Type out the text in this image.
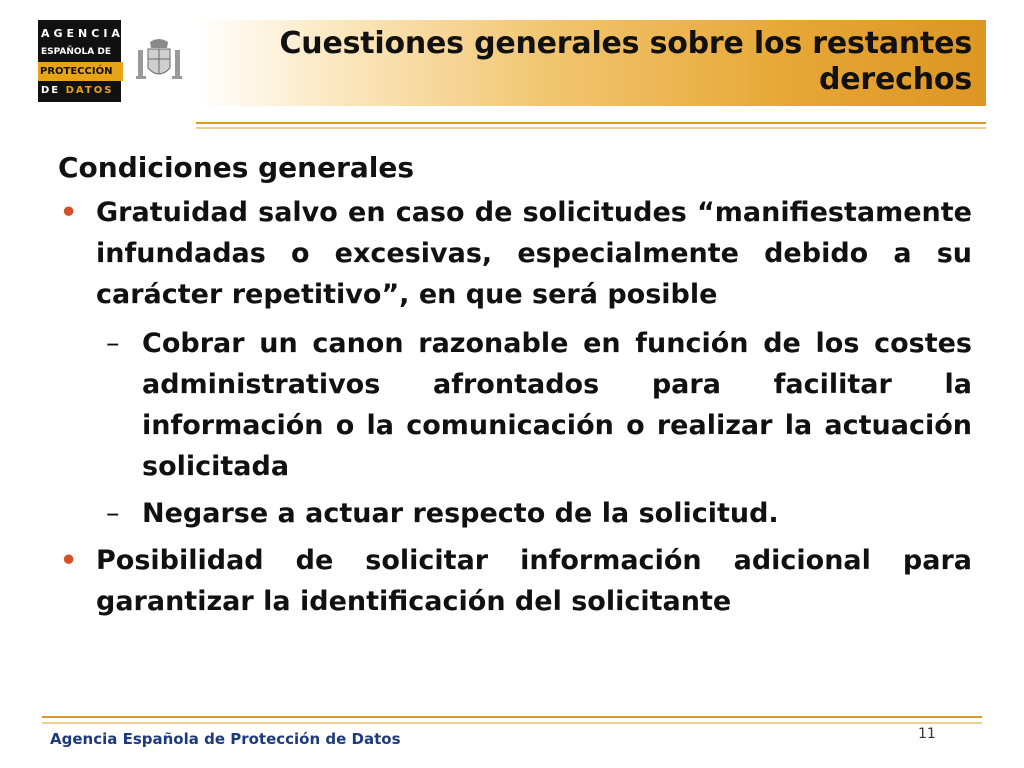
AGENCIA
ESPAÑOLA DE
PROTECCIÓN
DE DATOS
Cuestiones generales sobre los restantes derechos
Condiciones generales
• Gratuidad salvo en caso de solicitudes “manifiestamente infundadas o excesivas, especialmente debido a su carácter repetitivo”, en que será posible
– Cobrar un canon razonable en función de los costes administrativos afrontados para facilitar la información o la comunicación o realizar la actuación solicitada
– Negarse a actuar respecto de la solicitud.
• Posibilidad de solicitar información adicional para garantizar la identificación del solicitante
Agencia Española de Protección de Datos	11
